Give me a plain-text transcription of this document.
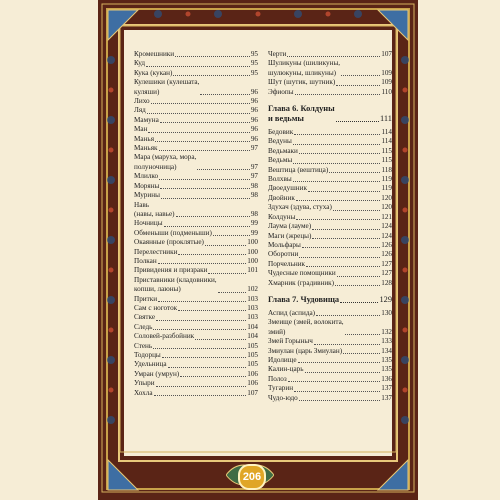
Кромешники	95
Куд	95
Кука (кукан)	95
Кулешики (кулешата,
куляши)	96
Лихо	96
Ляд	96
Мамуна	96
Ман	96
Манья	96
Маньяк	97
Мара (маруха, мора,
полуночница)	97
Млилко	97
Моряны	98
Мурины	98
Навь
(навы, навье)	98
Ночницы	99
Обменыши (подменыши)	99
Окаянные (проклятые)	100
Перелестники	100
Полкан	100
Привидения и призраки	101
Приставники (кладовники,
копши, лаюны)	102
Притки	103
Сам с ноготок	103
Святке	103
Следь	104
Соловей-разбойник	104
Стень	105
Тодорцы	105
Удельница	105
Умран (умрун)	106
Упыри	106
Хохла	107
Черти	107
Шуликуны (шиликуны,
шулюкуны, шликуны)	109
Шут (шутик, шутник)	109
Эфиопы	110
Глава 6. Колдуны
и ведьмы	111
Бедовик	114
Ведуны	114
Ведьмаки	115
Ведьмы	115
Вештица (вештица)	118
Волхвы	119
Двоедушник	119
Двойник	120
Здухач (здува, стуха)	120
Колдуны	121
Лаума (лауме)	124
Маги (жрецы)	124
Мольфары	126
Оборотни	126
Порчельник	127
Чудесные помощники	127
Хмарник (градивник)	128
Глава 7. Чудовища	129
Аспид (аспида)	130
Змеище (змей, волокита,
змий)	132
Змей Горыныч	133
Змиулан (царь Змиулан)	134
Идолище	135
Калин-царь	135
Полоз	136
Тугарин	137
Чудо-юдо	137
206
